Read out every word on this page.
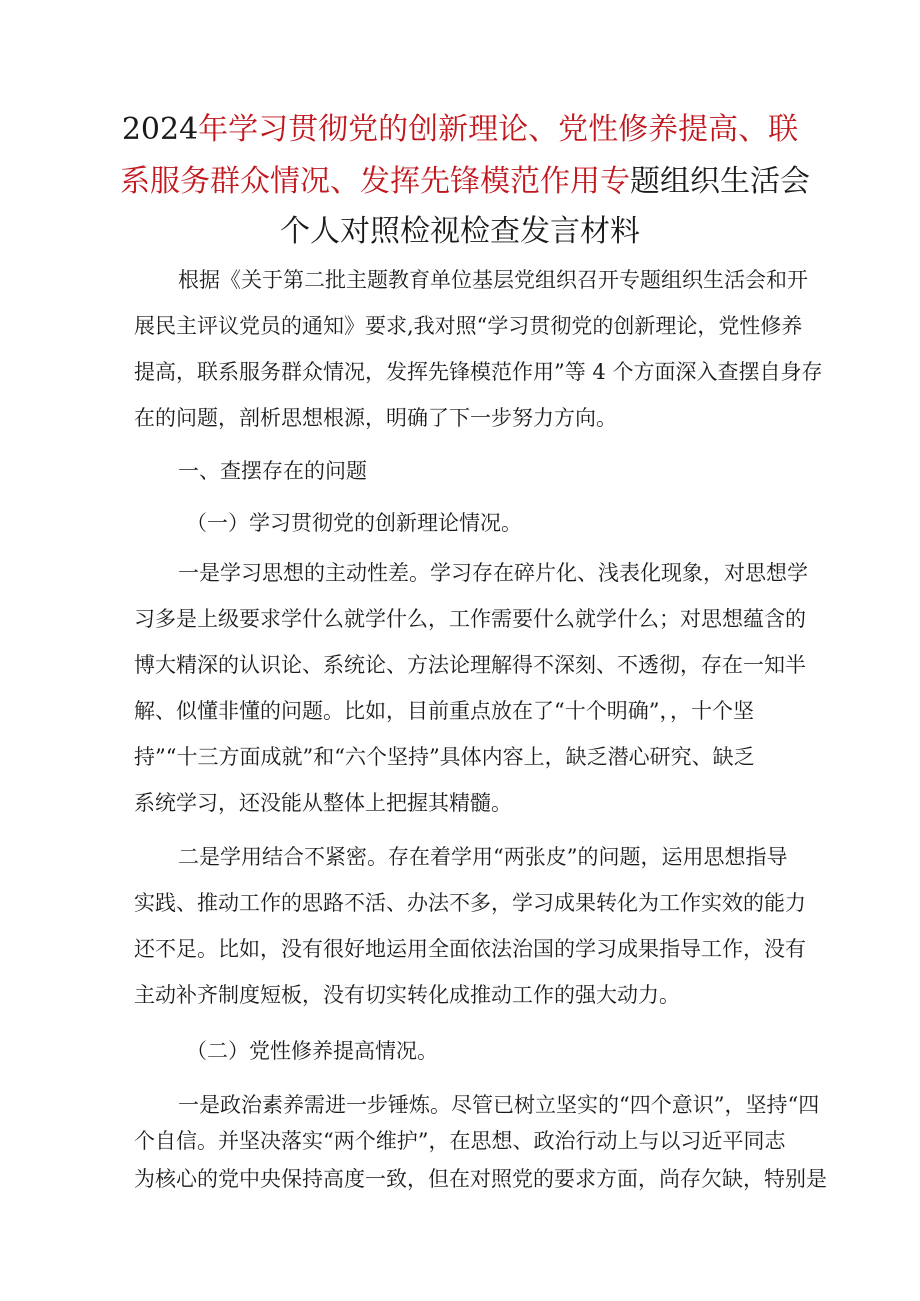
2024年学习贯彻党的创新理论、党性修养提高、联
系服务群众情况、发挥先锋模范作用专题组织生活会
个人对照检视检查发言材料
根据《关于第二批主题教育单位基层党组织召开专题组织生活会和开
展民主评议党员的通知》要求,我对照“学习贯彻党的创新理论，党性修养
提高，联系服务群众情况，发挥先锋模范作用”等 4 个方面深入查摆自身存
在的问题，剖析思想根源，明确了下一步努力方向。
一、查摆存在的问题
（一）学习贯彻党的创新理论情况。
一是学习思想的主动性差。学习存在碎片化、浅表化现象，对思想学
习多是上级要求学什么就学什么，工作需要什么就学什么；对思想蕴含的
博大精深的认识论、系统论、方法论理解得不深刻、不透彻，存在一知半
解、似懂非懂的问题。比如，目前重点放在了“十个明确”，，十个坚
持”“十三方面成就”和“六个坚持”具体内容上，缺乏潜心研究、缺乏
系统学习，还没能从整体上把握其精髓。
二是学用结合不紧密。存在着学用“两张皮”的问题，运用思想指导
实践、推动工作的思路不活、办法不多，学习成果转化为工作实效的能力
还不足。比如，没有很好地运用全面依法治国的学习成果指导工作，没有
主动补齐制度短板，没有切实转化成推动工作的强大动力。
（二）党性修养提高情况。
一是政治素养需进一步锤炼。尽管已树立坚实的“四个意识”，坚持“四
个自信。并坚决落实“两个维护”，在思想、政治行动上与以习近平同志
为核心的党中央保持高度一致，但在对照党的要求方面，尚存欠缺，特别是
